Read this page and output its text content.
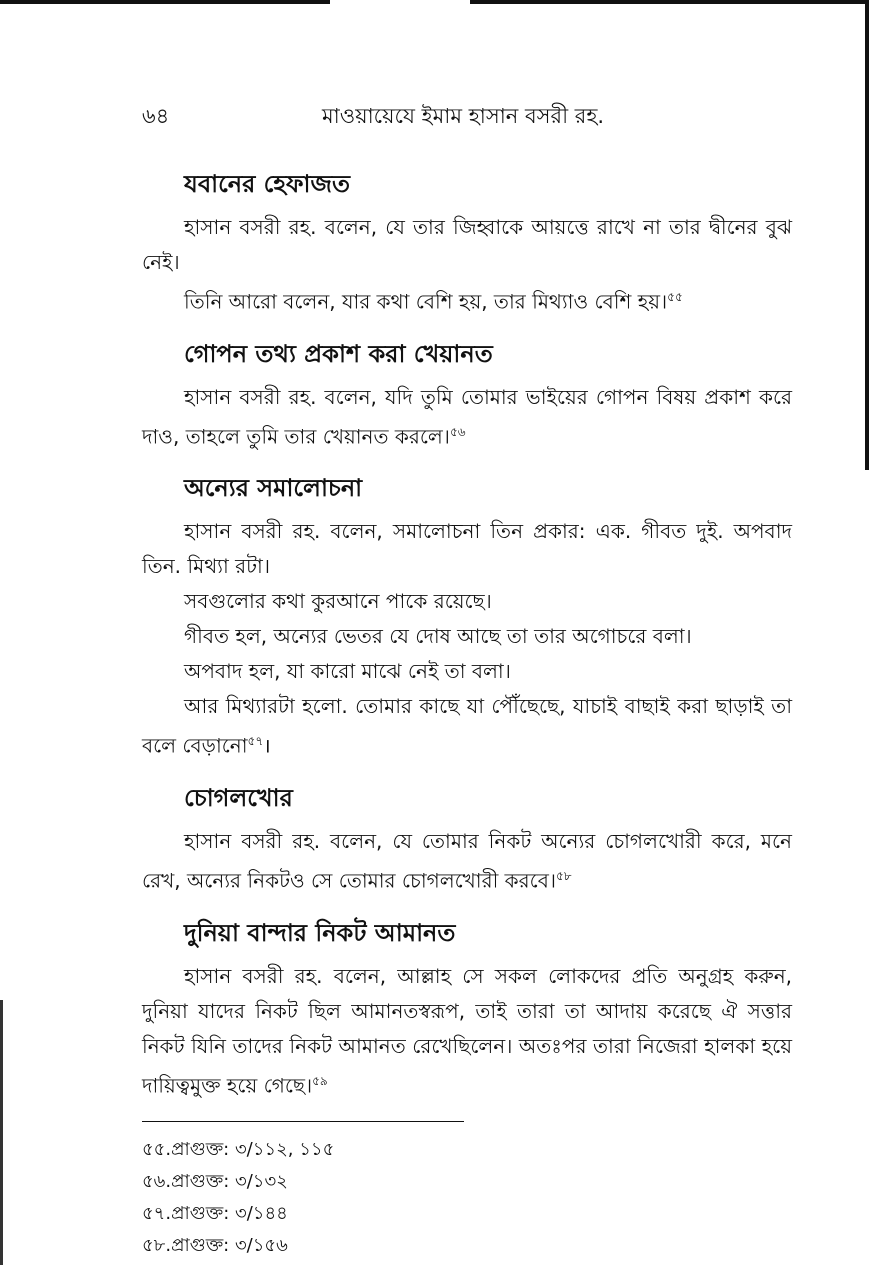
৬৪	মাওয়ায়েযে ইমাম হাসান বসরী রহ.
যবানের হেফাজত

হাসান বসরী রহ. বলেন, যে তার জিহ্বাকে আয়ত্তে রাখে না তার দ্বীনের বুঝ নেই।

তিনি আরো বলেন, যার কথা বেশি হয়, তার মিথ্যাও বেশি হয়।$^{৫৫}$

গোপন তথ্য প্রকাশ করা খেয়ানত

হাসান বসরী রহ. বলেন, যদি তুমি তোমার ভাইয়ের গোপন বিষয় প্রকাশ করে দাও, তাহলে তুমি তার খেয়ানত করলে।$^{৫৬}$

অন্যের সমালোচনা

হাসান বসরী রহ. বলেন, সমালোচনা তিন প্রকার: এক. গীবত দুই. অপবাদ তিন. মিথ্যা রটা।

সবগুলোর কথা কুরআনে পাকে রয়েছে।

গীবত হল, অন্যের ভেতর যে দোষ আছে তা তার অগোচরে বলা।

অপবাদ হল, যা কারো মাঝে নেই তা বলা।

আর মিথ্যারটা হলো. তোমার কাছে যা পৌঁছেছে, যাচাই বাছাই করা ছাড়াই তা বলে বেড়ানো$^{৫৭}$।

চোগলখোর

হাসান বসরী রহ. বলেন, যে তোমার নিকট অন্যের চোগলখোরী করে, মনে রেখ, অন্যের নিকটও সে তোমার চোগলখোরী করবে।$^{৫৮}$

দুনিয়া বান্দার নিকট আমানত

হাসান বসরী রহ. বলেন, আল্লাহ সে সকল লোকদের প্রতি অনুগ্রহ করুন, দুনিয়া যাদের নিকট ছিল আমানতস্বরূপ, তাই তারা তা আদায় করেছে ঐ সত্তার নিকট যিনি তাদের নিকট আমানত রেখেছিলেন। অতঃপর তারা নিজেরা হালকা হয়ে দায়িত্বমুক্ত হয়ে গেছে।$^{৫৯}$

৫৫.প্রাগুক্ত: ৩/১১২, ১১৫
৫৬.প্রাগুক্ত: ৩/১৩২
৫৭.প্রাগুক্ত: ৩/১৪৪
৫৮.প্রাগুক্ত: ৩/১৫৬
